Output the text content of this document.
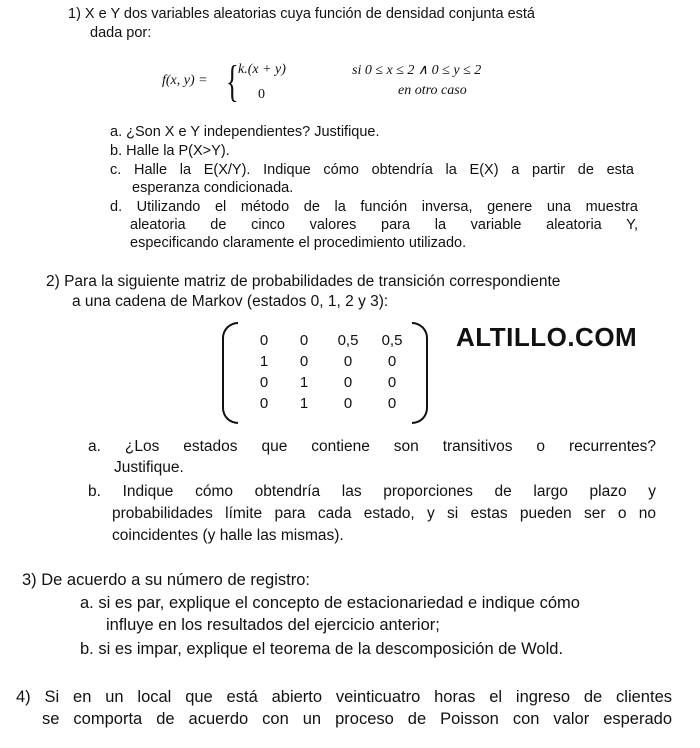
1) X e Y dos variables aleatorias cuya función de densidad conjunta está
dada por:
f(x, y) = { k.(x + y)	si 0 ≤ x ≤ 2 ∧ 0 ≤ y ≤ 2
0	en otro caso
a. ¿Son X e Y independientes? Justifique.
b. Halle la P(X>Y).
c. Halle la E(X/Y). Indique cómo obtendría la E(X) a partir de esta
esperanza condicionada.
d. Utilizando el método de la función inversa, genere una muestra
aleatoria de cinco valores para la variable aleatoria Y,
especificando claramente el procedimiento utilizado.
2) Para la siguiente matriz de probabilidades de transición correspondiente
a una cadena de Markov (estados 0, 1, 2 y 3):
0	0	0,5	0,5
1	0	0	0
0	1	0	0
0	1	0	0
ALTILLO.COM
a. ¿Los estados que contiene son transitivos o recurrentes?
Justifique.
b. Indique cómo obtendría las proporciones de largo plazo y
probabilidades límite para cada estado, y si estas pueden ser o no
coincidentes (y halle las mismas).
3) De acuerdo a su número de registro:
a. si es par, explique el concepto de estacionariedad e indique cómo
influye en los resultados del ejercicio anterior;
b. si es impar, explique el teorema de la descomposición de Wold.
4) Si en un local que está abierto veinticuatro horas el ingreso de clientes
se comporta de acuerdo con un proceso de Poisson con valor esperado
